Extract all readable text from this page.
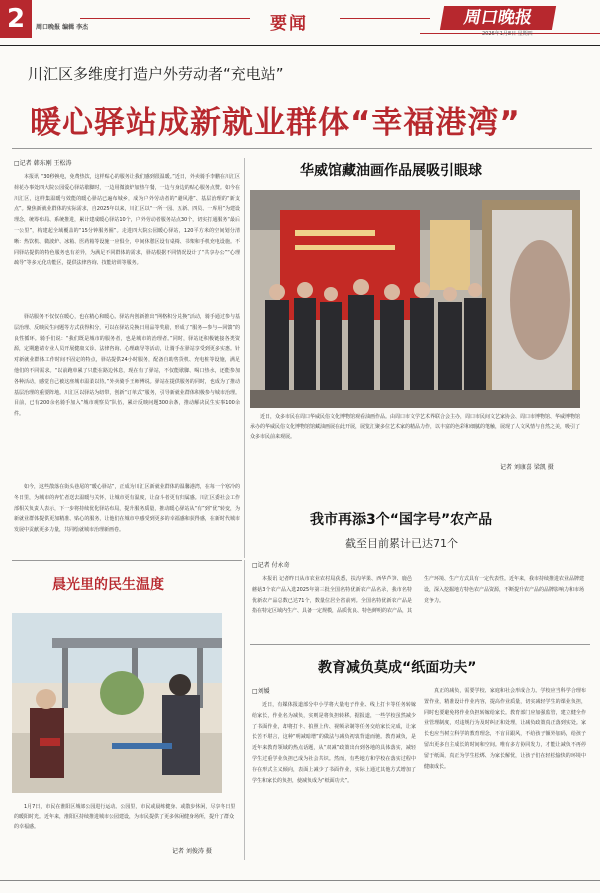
2	周口晚报 编辑 李杰	要闻	周口晚报
2026年1月8日 星期四
川汇区多维度打造户外劳动者“充电站”
暖心驿站成新就业群体“幸福港湾”
□记者 韩东刚 王松涛
本报讯 “30秒换电，免费热饮，这样贴心的服务让我们感到很温暖。”近日，外卖骑手李鹏在川汇区荷花办事处四大院公园爱心驿站歇脚时，一边用微波炉加热午餐，一边与身边的贴心服务点赞。如今在川汇区，这样集温暖与效能的暖心驿站已遍布城乡，成为户外劳动者的“避风港”、基层治理的“新支点”。聚焦新就业群体的实际需求，自2025年以来，川汇区以“一所一园、五新、四员、一库用”为建设理念，统筹布局、系统推进，累计建成暖心驿站10个，户外劳动者服务站点30个，切实打通服务“最后一公里”，构建起全域覆盖的“15分钟服务圈”。走进四大院公园暖心驿站，120平方米的空间划分清晰：热饮机、微波炉、冰箱、医药箱等设施一应俱全，中间休憩区设有桌椅、书架和手机充电设施。不同驿站提供的特色服务也有差异，为满足不同群体的需求，驿站根据不同情况设计了“共享办公”“心理疏导”等多元化功能区，提供法律咨询、技能培训等服务。
驿站服务不仅仅在暖心，也在精心和暖心。驿站内创新推出“网格积分兑换”活动，骑手通过参与基层治理、反映民生问题等方式获得积分，可以在驿站兑换日用品等奖励，形成了“服务—参与—回馈”的良性循环。骑手们说：“我们既是城市的服务者，也是城市的治理者。”同时，驿站还积极链接各类资源，定期邀请专业人员开展健康义诊、法律咨询、心理疏导等活动，让骑手在驿站享受到更多实惠。针对新就业群体工作时间不固定的特点，驿站提供24小时服务，配备自助售货机、充电桩等设施，满足他们的不同需求。“以前跑单累了只能在路边休息，现在有了驿站，不仅能歇脚、喝口热水，还能参加各种活动，感觉自己被这座城市温柔以待。”外卖骑手王师傅说。驿站在提供服务的同时，也成为了推动基层治理的重要阵地。川汇区以驿站为纽带，创新“订单式”服务，引导新就业群体积极参与城市治理。目前，已有200余名骑手加入“城市观察员”队伍，累计反映问题300余条，推动解决民生实事100余件。
如今，这些散落在街头巷尾的“暖心驿站”，正成为川汇区新就业群体的温馨港湾，在每一个寒冷的冬日里，为城市的奔忙者送去温暖与关怀，让城市更有温度，让奋斗者更有归属感。川汇区委社会工作部相关负责人表示，下一步将持续优化驿站布局，提升服务质量，推动暖心驿站从“有”到“优”转变，为新就业群体提供更加精准、贴心的服务，让他们在城市中感受到更多的幸福感和获得感，在新时代城市发展中贡献更多力量，共同绘就城市治理新画卷。
华威馆藏油画作品展吸引眼球
近日，众多市民在周口华威民俗文化博物馆观看油画作品。由周口市文学艺术界联合会主办，周口市民间文艺家协会、周口市博物馆、华威博物馆承办的华威民俗文化博物馆馆藏油画展在此开展，展览汇聚多位艺术家的精品力作，以丰富的色彩和细腻的笔触，展现了人文风情与自然之美，吸引了众多市民前来观展。
记者 刘康喜 梁凯 摄
我市再添3个“国字号”农产品
截至目前累计已达71个
□记者 付永奇
本报讯 记者昨日从市农业农村局获悉，扶沟苹果、西华芦笋、鹿邑蘑菇3个农产品入选2025年第三批全国名特优新农产品名录，我市名特优新农产品总数已达71个，数量位居全省前列。全国名特优新农产品是指在特定区域内生产、具备一定规模，品质优良、特色鲜明的农产品，其生产环境、生产方式具有一定代表性。近年来，我市持续推进农业品牌建设，深入挖掘地方特色农产品资源，不断提升农产品的品牌影响力和市场竞争力。
晨光里的民生温度
1月7日，市民在淮阳区城郊公园进行运动。公园里，市民或晨练健身、或散步休闲，尽享冬日里的暖阳时光。近年来，淮阳区持续推进城市公园建设，为市民提供了更多休闲健身场所，提升了群众的幸福感。
记者 刘俊涛 摄
教育减负莫成“纸面功夫”
□刘媛
近日，有媒体报道部分中小学将大量电子作业、线上打卡等任务转嫁给家长，作业名为减负，实则是将负担转移。据报道，一些学校虽然减少了书面作业，却将打卡、拍照上传、视频录制等任务交给家长完成，让家长苦不堪言，这种“明减暗增”的做法与减负初衷背道而驰。教育减负，是近年来教育领域的热点话题，从“双减”政策出台到各地的具体落实，减轻学生过重学业负担已成为社会共识。然而，有些地方和学校在落实过程中存在形式主义倾向，表面上减少了书面作业，实际上通过其他方式增加了学生和家长的负担，使减负成为“纸面功夫”。
真正的减负，需要学校、家庭和社会形成合力。学校应当科学合理布置作业，精准设计作业内容，提高作业质量，切实减轻学生的课业负担，同时也要避免将作业负担转嫁给家长。教育部门应加强监管，建立健全作业管理制度，对违规行为及时纠正和处理，让减负政策真正落到实处。家长也应当树立科学的教育理念，不盲目跟风，不给孩子额外加码，给孩子留出更多自主成长的时间和空间。唯有多方协同发力，才能让减负不再停留于纸面，真正为学生松绑、为家长解忧，让孩子们在轻松愉快的环境中健康成长。
